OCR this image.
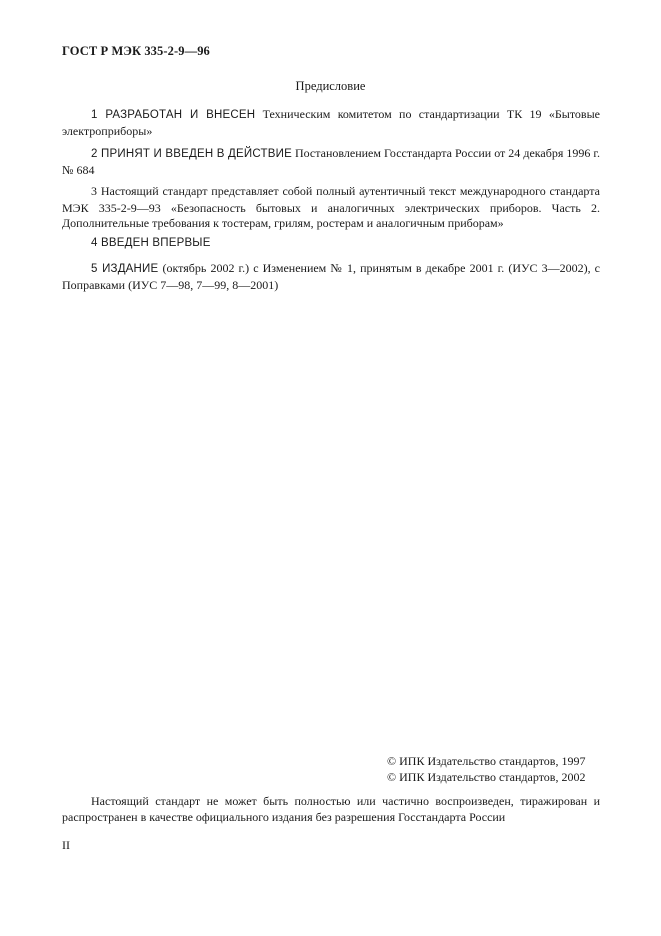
ГОСТ Р МЭК 335-2-9—96
Предисловие
1 РАЗРАБОТАН И ВНЕСЕН Техническим комитетом по стандартизации ТК 19 «Бытовые электроприборы»
2 ПРИНЯТ И ВВЕДЕН В ДЕЙСТВИЕ Постановлением Госстандарта России от 24 декабря 1996 г. № 684
3 Настоящий стандарт представляет собой полный аутентичный текст международного стандарта МЭК 335-2-9—93 «Безопасность бытовых и аналогичных электрических приборов. Часть 2. Дополнительные требования к тостерам, грилям, ростерам и аналогичным приборам»
4 ВВЕДЕН ВПЕРВЫЕ
5 ИЗДАНИЕ (октябрь 2002 г.) с Изменением № 1, принятым в декабре 2001 г. (ИУС 3—2002), с Поправками (ИУС 7—98, 7—99, 8—2001)
© ИПК Издательство стандартов, 1997
© ИПК Издательство стандартов, 2002
Настоящий стандарт не может быть полностью или частично воспроизведен, тиражирован и распространен в качестве официального издания без разрешения Госстандарта России
II
